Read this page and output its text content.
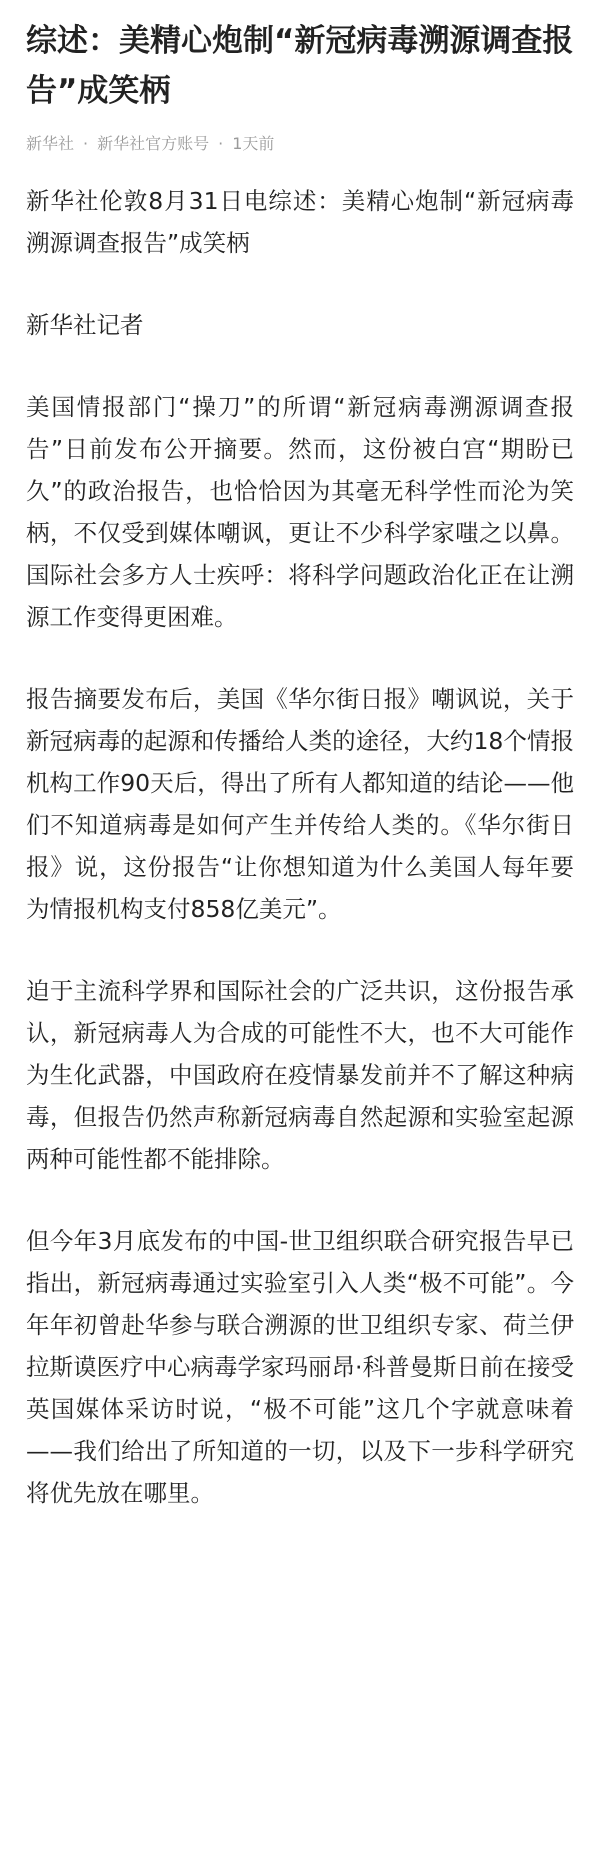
综述：美精心炮制“新冠病毒溯源调查报告”成笑柄
新华社 · 新华社官方账号 · 1天前

新华社伦敦8月31日电综述：美精心炮制“新冠病毒溯源调查报告”成笑柄

新华社记者

美国情报部门“操刀”的所谓“新冠病毒溯源调查报告”日前发布公开摘要。然而，这份被白宫“期盼已久”的政治报告，也恰恰因为其毫无科学性而沦为笑柄，不仅受到媒体嘲讽，更让不少科学家嗤之以鼻。国际社会多方人士疾呼：将科学问题政治化正在让溯源工作变得更困难。

报告摘要发布后，美国《华尔街日报》嘲讽说，关于新冠病毒的起源和传播给人类的途径，大约18个情报机构工作90天后，得出了所有人都知道的结论——他们不知道病毒是如何产生并传给人类的。《华尔街日报》说，这份报告“让你想知道为什么美国人每年要为情报机构支付858亿美元”。

迫于主流科学界和国际社会的广泛共识，这份报告承认，新冠病毒人为合成的可能性不大，也不大可能作为生化武器，中国政府在疫情暴发前并不了解这种病毒，但报告仍然声称新冠病毒自然起源和实验室起源两种可能性都不能排除。

但今年3月底发布的中国-世卫组织联合研究报告早已指出，新冠病毒通过实验室引入人类“极不可能”。今年年初曾赴华参与联合溯源的世卫组织专家、荷兰伊拉斯谟医疗中心病毒学家玛丽昂·科普曼斯日前在接受英国媒体采访时说，“极不可能”这几个字就意味着——我们给出了所知道的一切，以及下一步科学研究将优先放在哪里。
